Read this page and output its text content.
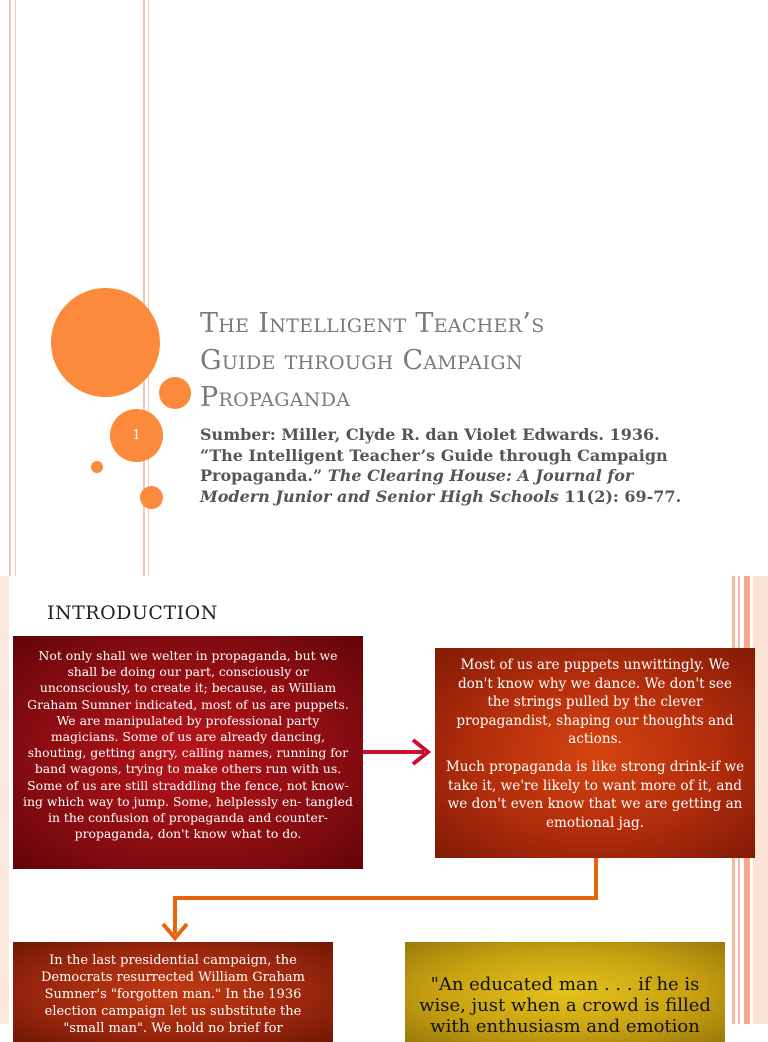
1
The Intelligent Teacher’s
Guide through Campaign
Propaganda
Sumber: Miller, Clyde R. dan Violet Edwards. 1936. “The Intelligent Teacher’s Guide through Campaign Propaganda.” The Clearing House: A Journal for Modern Junior and Senior High Schools 11(2): 69-77.
INTRODUCTION

Not only shall we welter in propaganda, but we shall be doing our part, consciously or unconsciously, to create it; because, as William Graham Sumner indicated, most of us are puppets. We are manipulated by professional party magicians. Some of us are already dancing, shouting, getting angry, calling names, running for band wagons, trying to make others run with us. Some of us are still straddling the fence, not know- ing which way to jump. Some, helplessly en- tangled in the confusion of propaganda and counter-propaganda, don't know what to do.

Most of us are puppets unwittingly. We don't know why we dance. We don't see the strings pulled by the clever propagandist, shaping our thoughts and actions.

Much propaganda is like strong drink-if we take it, we're likely to want more of it, and we don't even know that we are getting an emotional jag.

In the last presidential campaign, the Democrats resurrected William Graham Sumner's "forgotten man." In the 1936 election campaign let us substitute the "small man". We hold no brief for

"An educated man . . . if he is wise, just when a crowd is filled with enthusiasm and emotion
